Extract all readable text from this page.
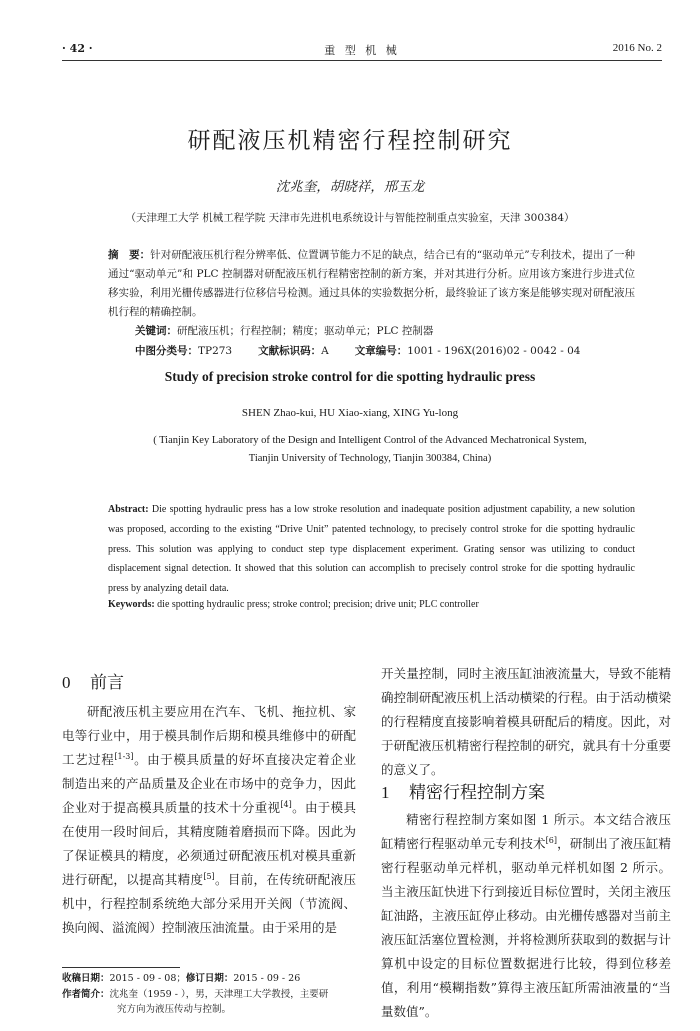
· 42 ·	重 型 机 械	2016 No. 2
研配液压机精密行程控制研究
沈兆奎，胡晓祥，邢玉龙
（天津理工大学 机械工程学院 天津市先进机电系统设计与智能控制重点实验室，天津 300384）
摘　要：针对研配液压机行程分辨率低、位置调节能力不足的缺点，结合已有的“驱动单元”专利技术，提出了一种通过“驱动单元”和 PLC 控制器对研配液压机行程精密控制的新方案，并对其进行分析。应用该方案进行步进式位移实验，利用光栅传感器进行位移信号检测。通过具体的实验数据分析，最终验证了该方案是能够实现对研配液压机行程的精确控制。
关键词：研配液压机；行程控制；精度；驱动单元；PLC 控制器
中图分类号：TP273 文献标识码：A 文章编号：1001 - 196X(2016)02 - 0042 - 04
Study of precision stroke control for die spotting hydraulic press
SHEN Zhao-kui, HU Xiao-xiang, XING Yu-long
( Tianjin Key Laboratory of the Design and Intelligent Control of the Advanced Mechatronical System,
Tianjin University of Technology, Tianjin 300384, China)
Abstract: Die spotting hydraulic press has a low stroke resolution and inadequate position adjustment capability, a new solution was proposed, according to the existing “Drive Unit” patented technology, to precisely control stroke for die spotting hydraulic press. This solution was applying to conduct step type displacement experiment. Grating sensor was utilizing to conduct displacement signal detection. It showed that this solution can accomplish to precisely control stroke for die spotting hydraulic press by analyzing detail data.
Keywords: die spotting hydraulic press; stroke control; precision; drive unit; PLC controller
0 前言
研配液压机主要应用在汽车、飞机、拖拉机、家电等行业中，用于模具制作后期和模具维修中的研配工艺过程[1-3]。由于模具质量的好坏直接决定着企业制造出来的产品质量及企业在市场中的竞争力，因此企业对于提高模具质量的技术十分重视[4]。由于模具在使用一段时间后，其精度随着磨损而下降。因此为了保证模具的精度，必须通过研配液压机对模具重新进行研配，以提高其精度[5]。目前，在传统研配液压机中，行程控制系统绝大部分采用开关阀（节流阀、换向阀、溢流阀）控制液压油流量。由于采用的是
开关量控制，同时主液压缸油液流量大，导致不能精确控制研配液压机上活动横梁的行程。由于活动横梁的行程精度直接影响着模具研配后的精度。因此，对于研配液压机精密行程控制的研究，就具有十分重要的意义了。
1 精密行程控制方案
精密行程控制方案如图 1 所示。本文结合液压缸精密行程驱动单元专利技术[6]，研制出了液压缸精密行程驱动单元样机，驱动单元样机如图 2 所示。当主液压缸快进下行到接近目标位置时，关闭主液压缸油路，主液压缸停止移动。由光栅传感器对当前主液压缸活塞位置检测，并将检测所获取到的数据与计算机中设定的目标位置数据进行比较，得到位移差值，利用“模糊指数”算得主液压缸所需油液量的“当量数值”。
收稿日期：2015 - 09 - 08；修订日期：2015 - 09 - 26
作者简介：沈兆奎（1959 - ），男，天津理工大学教授，主要研
究方向为液压传动与控制。
